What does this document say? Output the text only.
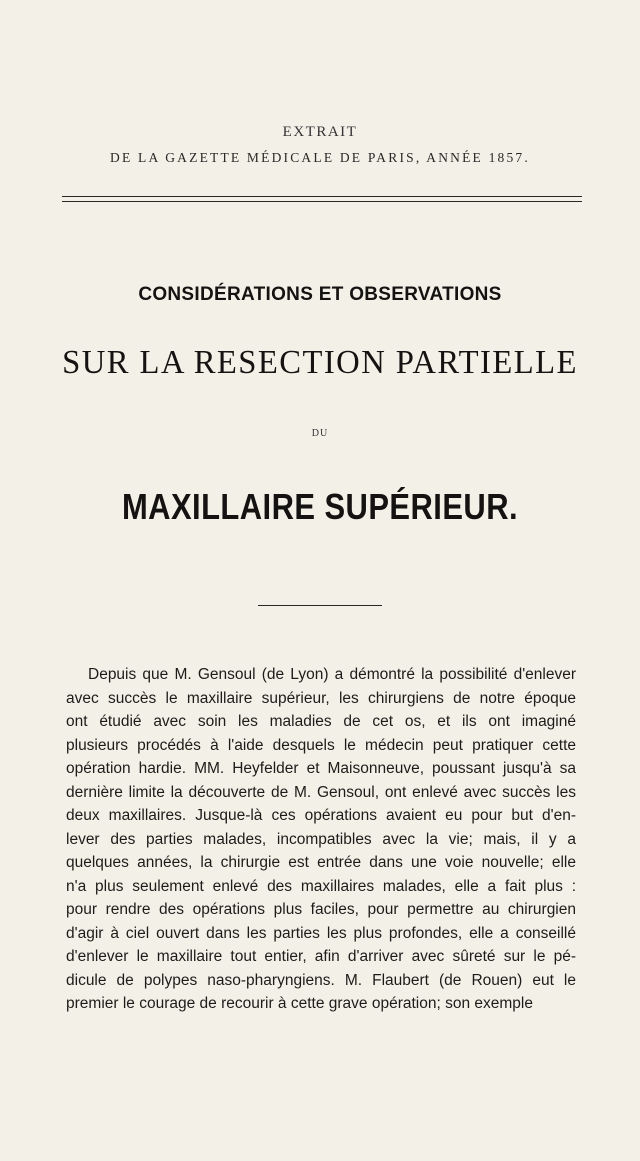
EXTRAIT
DE LA GAZETTE MÉDICALE DE PARIS, ANNÉE 1857.
CONSIDÉRATIONS ET OBSERVATIONS
SUR LA RESECTION PARTIELLE
DU
MAXILLAIRE SUPÉRIEUR.
Depuis que M. Gensoul (de Lyon) a démontré la possibilité d'enlever
avec succès le maxillaire supérieur, les chirurgiens de notre époque
ont étudié avec soin les maladies de cet os, et ils ont imaginé
plusieurs procédés à l'aide desquels le médecin peut pratiquer cette
opération hardie. MM. Heyfelder et Maisonneuve, poussant jusqu'à sa
dernière limite la découverte de M. Gensoul, ont enlevé avec succès les
deux maxillaires. Jusque-là ces opérations avaient eu pour but d'en-
lever des parties malades, incompatibles avec la vie; mais, il y a
quelques années, la chirurgie est entrée dans une voie nouvelle; elle
n'a plus seulement enlevé des maxillaires malades, elle a fait plus :
pour rendre des opérations plus faciles, pour permettre au chirurgien
d'agir à ciel ouvert dans les parties les plus profondes, elle a conseillé
d'enlever le maxillaire tout entier, afin d'arriver avec sûreté sur le pé-
dicule de polypes naso-pharyngiens. M. Flaubert (de Rouen) eut le
premier le courage de recourir à cette grave opération; son exemple
